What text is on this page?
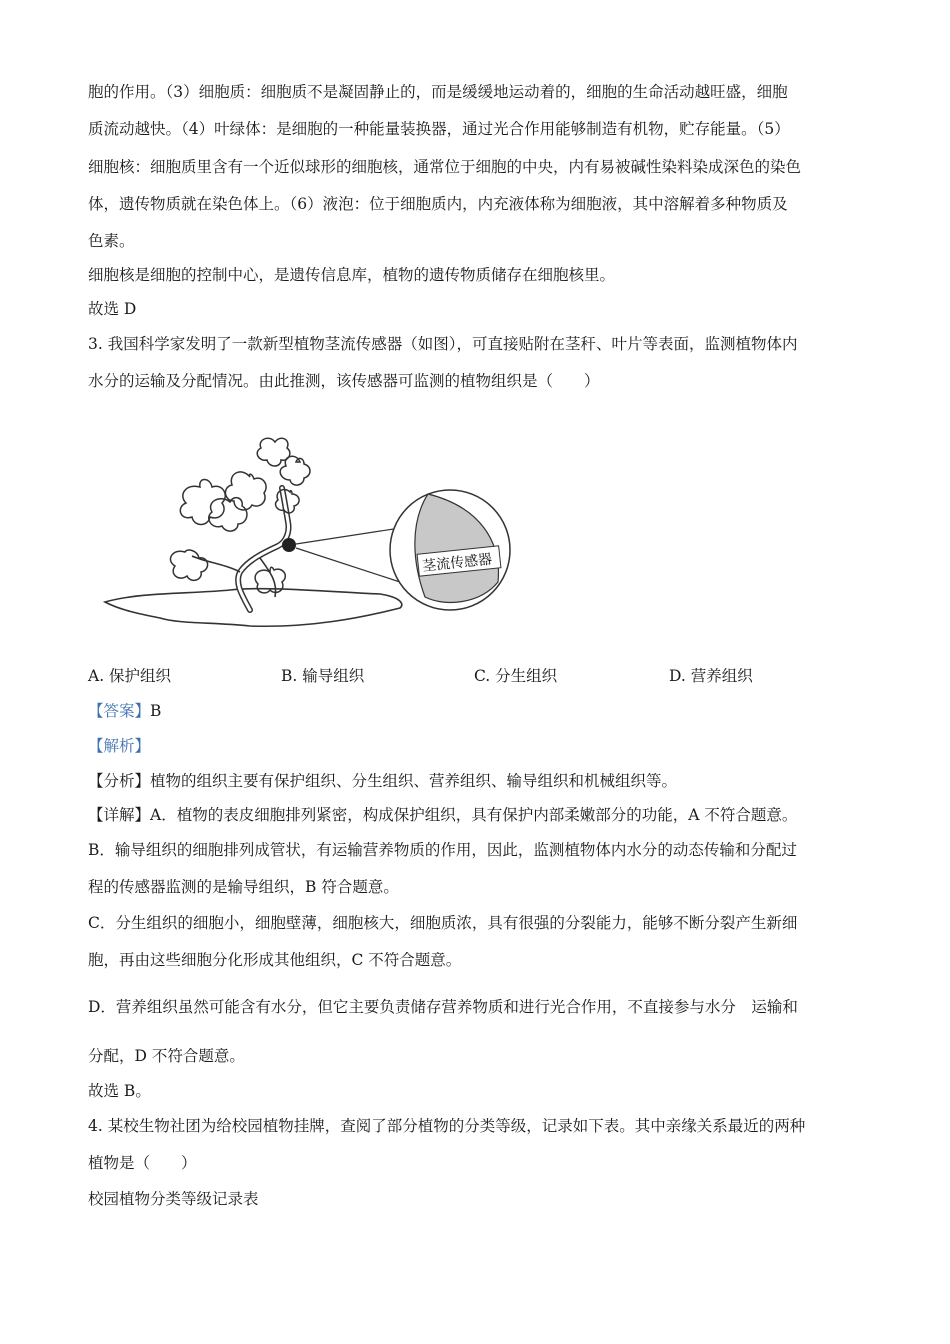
胞的作用。（3）细胞质：细胞质不是凝固静止的，而是缓缓地运动着的，细胞的生命活动越旺盛，细胞
质流动越快。（4）叶绿体：是细胞的一种能量装换器，通过光合作用能够制造有机物，贮存能量。（5）
细胞核：细胞质里含有一个近似球形的细胞核，通常位于细胞的中央，内有易被碱性染料染成深色的染色
体，遗传物质就在染色体上。（6）液泡：位于细胞质内，内充液体称为细胞液，其中溶解着多种物质及
色素。
细胞核是细胞的控制中心，是遗传信息库，植物的遗传物质储存在细胞核里。
故选 D
3. 我国科学家发明了一款新型植物茎流传感器（如图），可直接贴附在茎秆、叶片等表面，监测植物体内
水分的运输及分配情况。由此推测，该传感器可监测的植物组织是（　　）
茎流传感器
A. 保护组织	B. 输导组织	C. 分生组织	D. 营养组织
【答案】B
【解析】
【分析】植物的组织主要有保护组织、分生组织、营养组织、输导组织和机械组织等。
【详解】A．植物的表皮细胞排列紧密，构成保护组织，具有保护内部柔嫩部分的功能，A 不符合题意。
B．输导组织的细胞排列成管状，有运输营养物质的作用，因此，监测植物体内水分的动态传输和分配过
程的传感器监测的是输导组织，B 符合题意。
C．分生组织的细胞小，细胞壁薄，细胞核大，细胞质浓，具有很强的分裂能力，能够不断分裂产生新细
胞，再由这些细胞分化形成其他组织，C 不符合题意。
D．营养组织虽然可能含有水分，但它主要负责储存营养物质和进行光合作用，不直接参与水分　运输和
分配，D 不符合题意。
故选 B。
4. 某校生物社团为给校园植物挂牌，查阅了部分植物的分类等级，记录如下表。其中亲缘关系最近的两种
植物是（　　）
校园植物分类等级记录表
